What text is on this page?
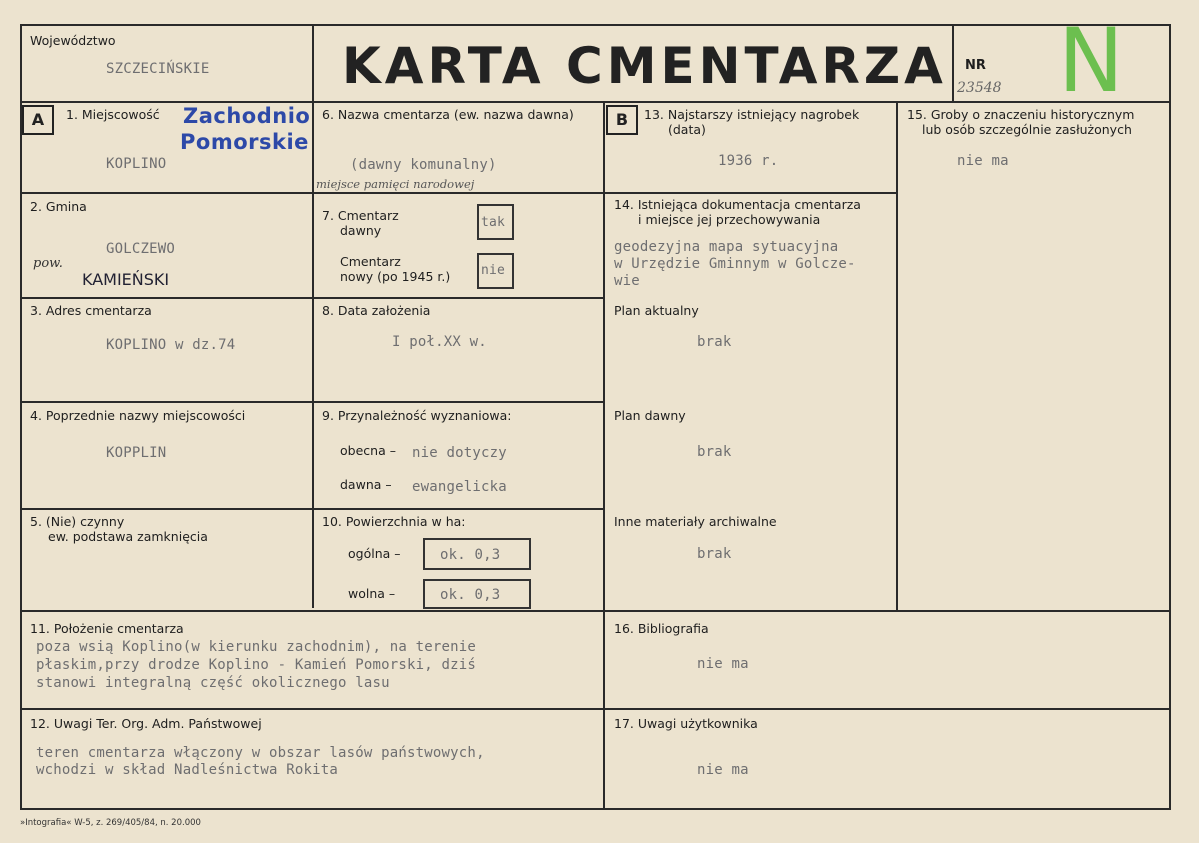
Województwo
SZCZECIŃSKIE	KARTA CMENTARZA NR
23548 N
Zachodnio
Pomorskie
A	1. Miejscowość
KOPLINO
2. Gmina
GOLCZEWO
pow.
KAMIEŃSKI
3. Adres cmentarza
KOPLINO w dz.74
4. Poprzednie nazwy miejscowości
KOPPLIN
5. (Nie) czynny
ew. podstawa zamknięcia
6. Nazwa cmentarza (ew. nazwa dawna)
(dawny komunalny)
miejsce pamięci narodowej
7. Cmentarz
dawny
tak
Cmentarz
nowy (po 1945 r.) nie
8. Data założenia
I poł.XX w.
9. Przynależność wyznaniowa:
obecna – nie dotyczy
dawna – ewangelicka
10. Powierzchnia w ha:
ogólna –	ok. 0,3
wolna –	ok. 0,3
11. Położenie cmentarza
poza wsią Koplino(w kierunku zachodnim), na terenie
płaskim,przy drodze Koplino - Kamień Pomorski, dziś
stanowi integralną część okolicznego lasu
12. Uwagi Ter. Org. Adm. Państwowej
teren cmentarza włączony w obszar lasów państwowych,
wchodzi w skład Nadleśnictwa Rokita
B	13. Najstarszy istniejący nagrobek
(data)
1936 r.
14. Istniejąca dokumentacja cmentarza
i miejsce jej przechowywania
geodezyjna mapa sytuacyjna
w Urzędzie Gminnym w Golcze-
wie
Plan aktualny
brak
Plan dawny
brak
Inne materiały archiwalne
brak
15. Groby o znaczeniu historycznym
lub osób szczególnie zasłużonych
nie ma
16. Bibliografia
nie ma
17. Uwagi użytkownika
nie ma
»Intografia« W-5, z. 269/405/84, n. 20.000
